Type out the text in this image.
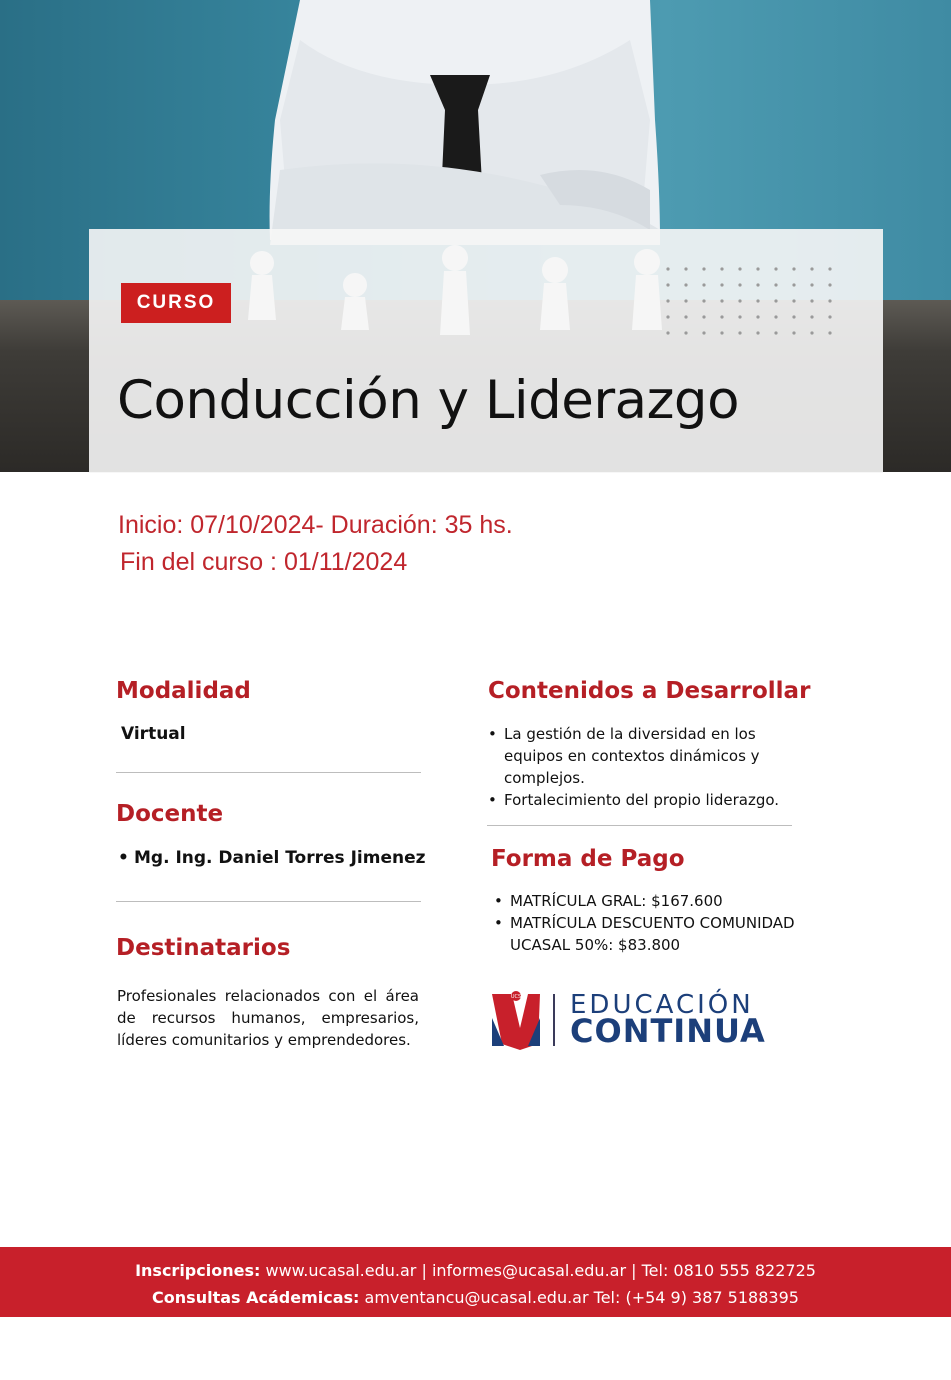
CURSO
Conducción y Liderazgo
Inicio: 07/10/2024- Duración: 35 hs.
Fin del curso : 01/11/2024
Modalidad
Virtual
Docente
• Mg. Ing. Daniel Torres Jimenez
Destinatarios

Profesionales relacionados con el área de recursos humanos, empresarios, líderes comunitarios y emprendedores.

Contenidos a Desarrollar
• La gestión de la diversidad en los equipos en contextos dinámicos y complejos.
• Fortalecimiento del propio liderazgo.
Forma de Pago
• MATRÍCULA GRAL: $167.600
• MATRÍCULA DESCUENTO COMUNIDAD UCASAL 50%: $83.800
UCS EDUCACIÓN
CONTINUA
Inscripciones: www.ucasal.edu.ar | informes@ucasal.edu.ar | Tel: 0810 555 822725
Consultas Acádemicas: amventancu@ucasal.edu.ar Tel: (+54 9) 387 5188395
